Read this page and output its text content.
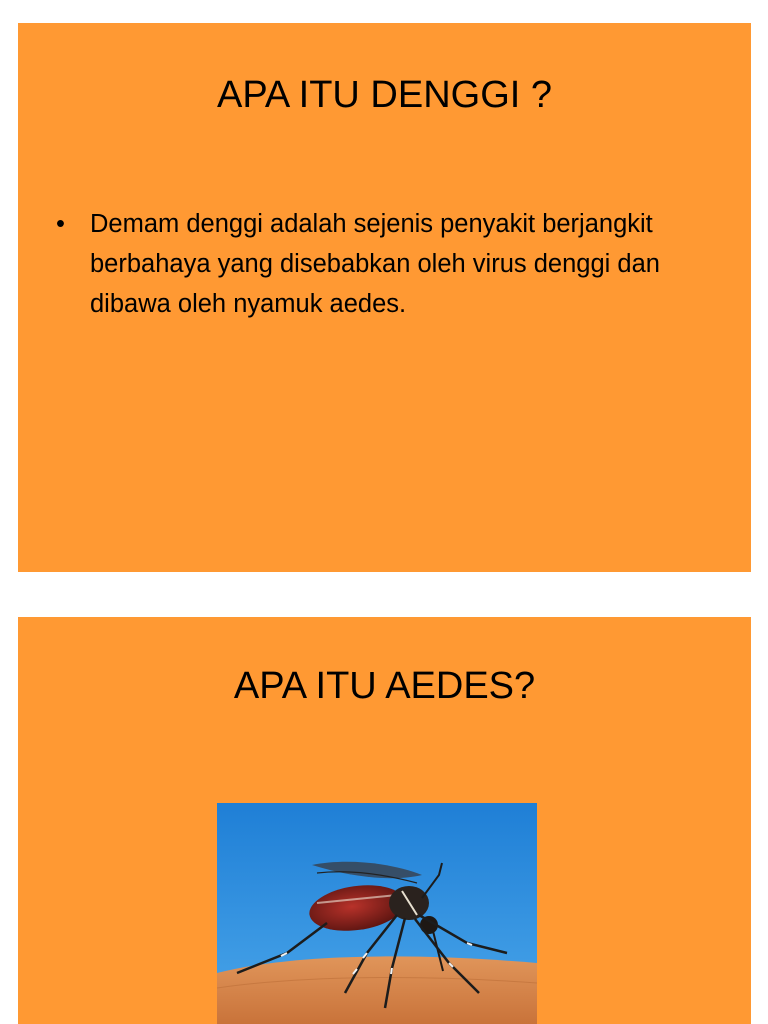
APA ITU DENGGI ?
• Demam denggi adalah sejenis penyakit berjangkit berbahaya yang disebabkan oleh virus denggi dan dibawa oleh nyamuk aedes.
APA ITU AEDES?
